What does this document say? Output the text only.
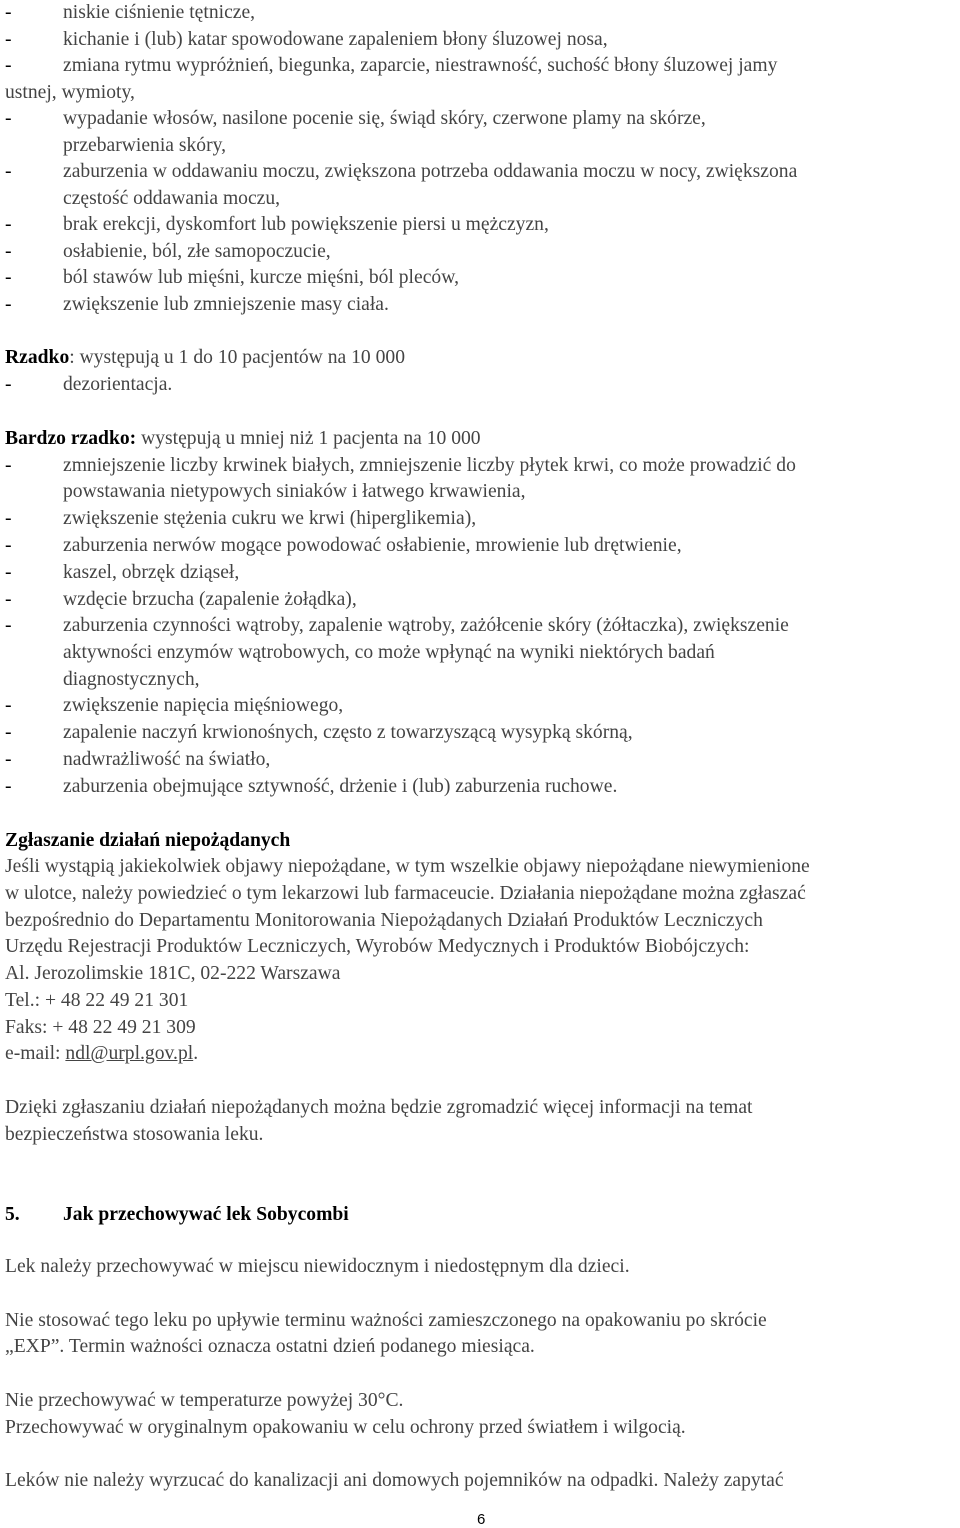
-	niskie ciśnienie tętnicze,
-	kichanie i (lub) katar spowodowane zapaleniem błony śluzowej nosa,
-	zmiana rytmu wypróżnień, biegunka, zaparcie, niestrawność, suchość błony śluzowej jamy
ustnej, wymioty,
-	wypadanie włosów, nasilone pocenie się, świąd skóry, czerwone plamy na skórze,
przebarwienia skóry,
-	zaburzenia w oddawaniu moczu, zwiększona potrzeba oddawania moczu w nocy, zwiększona
częstość oddawania moczu,
-	brak erekcji, dyskomfort lub powiększenie piersi u mężczyzn,
-	osłabienie, ból, złe samopoczucie,
-	ból stawów lub mięśni, kurcze mięśni, ból pleców,
-	zwiększenie lub zmniejszenie masy ciała.
Rzadko: występują u 1 do 10 pacjentów na 10 000
-	dezorientacja.
Bardzo rzadko: występują u mniej niż 1 pacjenta na 10 000
-	zmniejszenie liczby krwinek białych, zmniejszenie liczby płytek krwi, co może prowadzić do
powstawania nietypowych siniaków i łatwego krwawienia,
-	zwiększenie stężenia cukru we krwi (hiperglikemia),
-	zaburzenia nerwów mogące powodować osłabienie, mrowienie lub drętwienie,
-	kaszel, obrzęk dziąseł,
-	wzdęcie brzucha (zapalenie żołądka),
-	zaburzenia czynności wątroby, zapalenie wątroby, zażółcenie skóry (żółtaczka), zwiększenie
aktywności enzymów wątrobowych, co może wpłynąć na wyniki niektórych badań
diagnostycznych,
-	zwiększenie napięcia mięśniowego,
-	zapalenie naczyń krwionośnych, często z towarzyszącą wysypką skórną,
-	nadwrażliwość na światło,
-	zaburzenia obejmujące sztywność, drżenie i (lub) zaburzenia ruchowe.
Zgłaszanie działań niepożądanych
Jeśli wystąpią jakiekolwiek objawy niepożądane, w tym wszelkie objawy niepożądane niewymienione
w ulotce, należy powiedzieć o tym lekarzowi lub farmaceucie. Działania niepożądane można zgłaszać
bezpośrednio do Departamentu Monitorowania Niepożądanych Działań Produktów Leczniczych
Urzędu Rejestracji Produktów Leczniczych, Wyrobów Medycznych i Produktów Biobójczych:
Al. Jerozolimskie 181C, 02-222 Warszawa
Tel.: + 48 22 49 21 301
Faks: + 48 22 49 21 309
e-mail: ndl@urpl.gov.pl.
Dzięki zgłaszaniu działań niepożądanych można będzie zgromadzić więcej informacji na temat
bezpieczeństwa stosowania leku.
5. Jak przechowywać lek Sobycombi
Lek należy przechowywać w miejscu niewidocznym i niedostępnym dla dzieci.
Nie stosować tego leku po upływie terminu ważności zamieszczonego na opakowaniu po skrócie
„EXP”. Termin ważności oznacza ostatni dzień podanego miesiąca.
Nie przechowywać w temperaturze powyżej 30°C.
Przechowywać w oryginalnym opakowaniu w celu ochrony przed światłem i wilgocią.
Leków nie należy wyrzucać do kanalizacji ani domowych pojemników na odpadki. Należy zapytać
6
